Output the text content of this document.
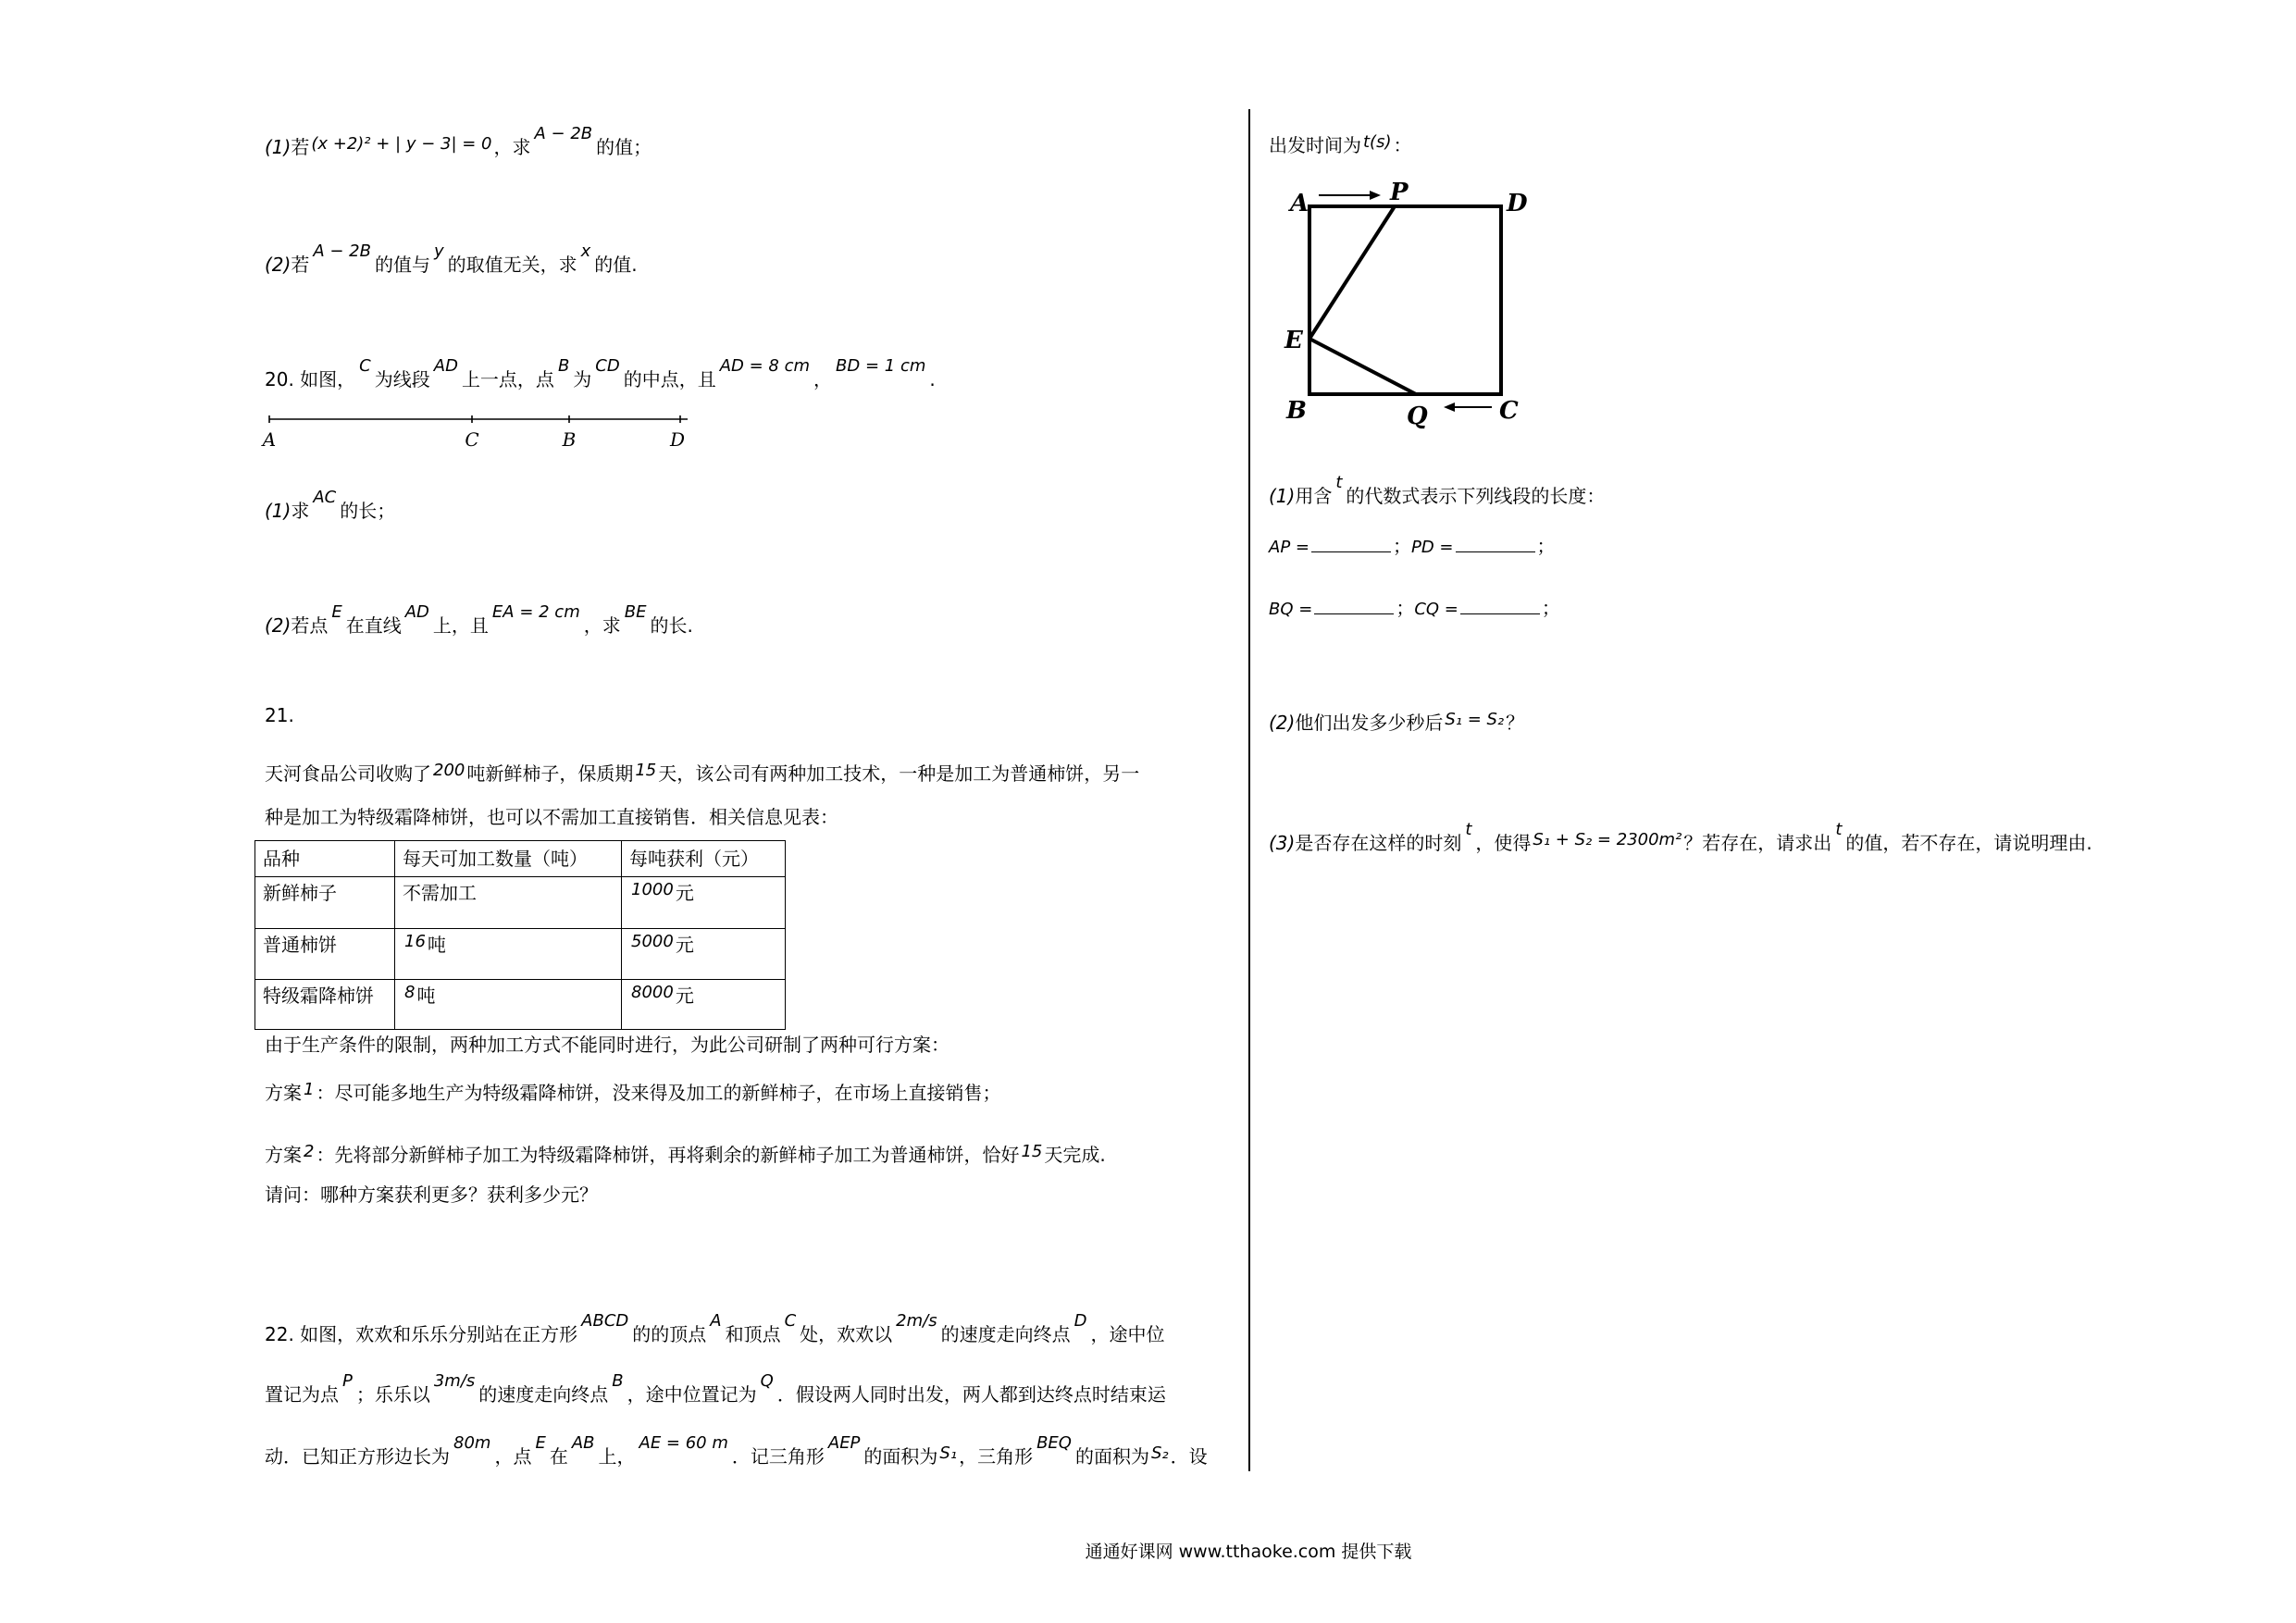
(1)若 (x +2)² + | y − 3| = 0 ，求A − 2B的值；
(2)若A − 2B的值与y的取值无关，求x的值.
20. 如图，C为线段AD上一点，点B为CD的中点，且AD = 8 cm，BD = 1 cm.
A	C	B	D
(1)求AC的长；
(2)若点E在直线AD上，且EA = 2 cm，求BE的长.
21.
天河食品公司收购了 200 吨新鲜柿子，保质期 15 天，该公司有两种加工技术，一种是加工为普通柿饼，另一
种是加工为特级霜降柿饼，也可以不需加工直接销售．相关信息见表：
品种	每天可加工数量（吨）	每吨获利（元）
新鲜柿子	不需加工	1000 元
普通柿饼	16 吨	5000 元
特级霜降柿饼	8 吨	8000 元
由于生产条件的限制，两种加工方式不能同时进行，为此公司研制了两种可行方案：
方案 1 ：尽可能多地生产为特级霜降柿饼，没来得及加工的新鲜柿子，在市场上直接销售；
方案 2 ：先将部分新鲜柿子加工为特级霜降柿饼，再将剩余的新鲜柿子加工为普通柿饼，恰好 15 天完成.
请问：哪种方案获利更多？获利多少元？
22. 如图，欢欢和乐乐分别站在正方形ABCD的的顶点A和顶点C处，欢欢以2m/s的速度走向终点D，途中位
置记为点P；乐乐以3m/s的速度走向终点B，途中位置记为Q．假设两人同时出发，两人都到达终点时结束运
动．已知正方形边长为80m，点E在AB上，AE = 60 m．记三角形AEP的面积为 S₁ ，三角形BEQ的面积为 S₂ ．设
出发时间为 t(s) ：
A	P	D
E
B	Q	C
(1)用含t的代数式表示下列线段的长度：
AP =	；PD =	；
BQ =	；CQ =	；
(2)他们出发多少秒后 S₁ = S₂ ？
(3)是否存在这样的时刻t，使得 S₁ + S₂ = 2300m² ？若存在，请求出t的值，若不存在，请说明理由.
通通好课网 www.tthaoke.com 提供下载
